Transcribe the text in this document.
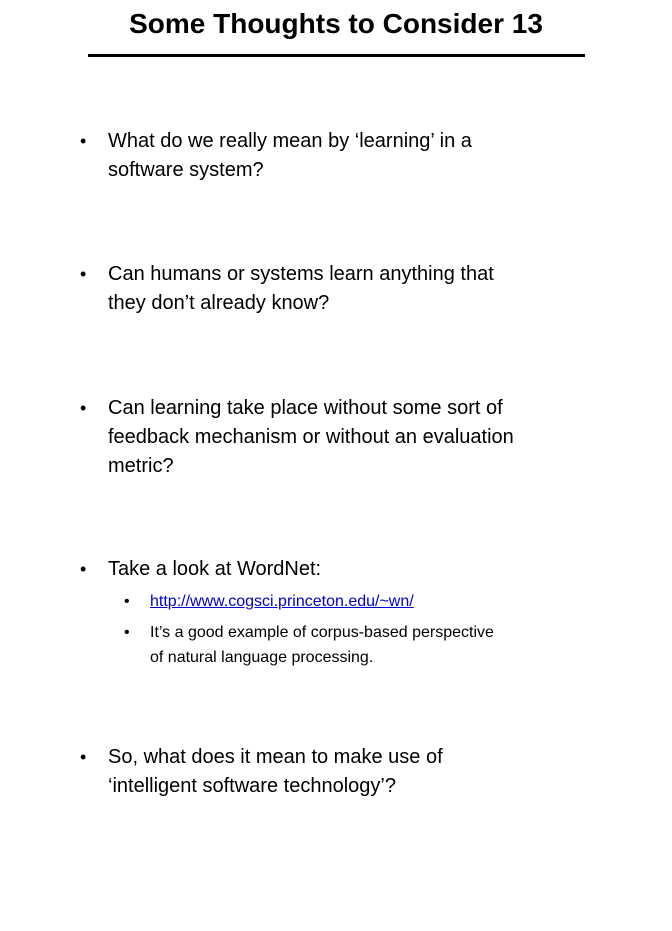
Some Thoughts to Consider 13
• What do we really mean by ‘learning’ in a
software system?
• Can humans or systems learn anything that
they don’t already know?
• Can learning take place without some sort of
feedback mechanism or without an evaluation
metric?
• Take a look at WordNet:
• http://www.cogsci.princeton.edu/~wn/
• It’s a good example of corpus-based perspective
of natural language processing.
• So, what does it mean to make use of
‘intelligent software technology’?
